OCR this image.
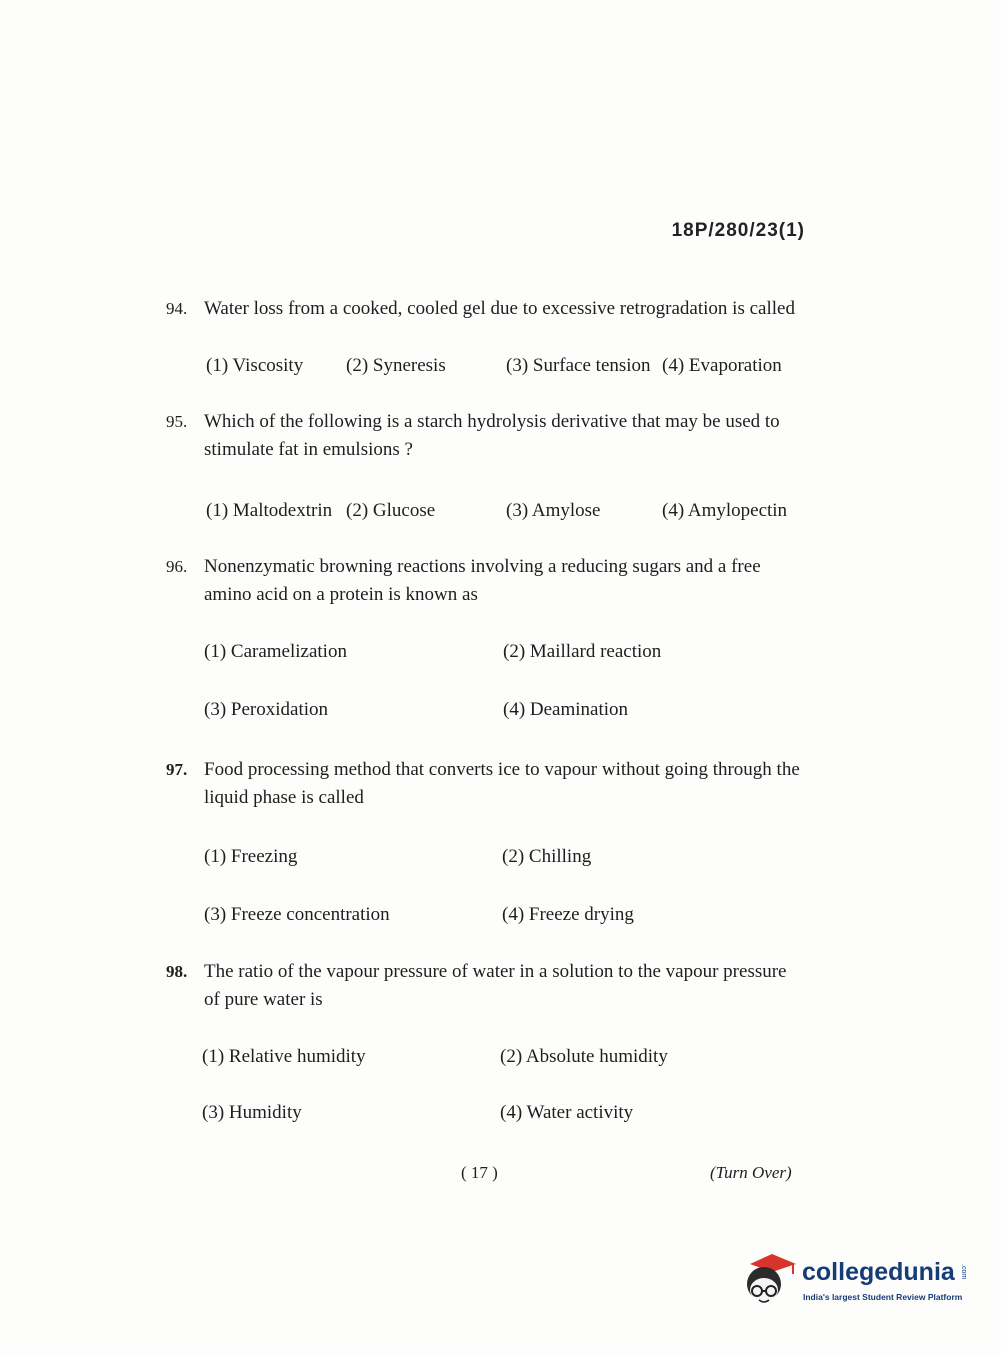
18P/280/23(1)
94. Water loss from a cooked, cooled gel due to excessive retrogradation is called
(1) Viscosity (2) Syneresis	(3) Surface tension (4) Evaporation
95. Which of the following is a starch hydrolysis derivative that may be used to stimulate fat in emulsions ?
(1) Maltodextrin (2) Glucose	(3) Amylose	(4) Amylopectin
96. Nonenzymatic browning reactions involving a reducing sugars and a free amino acid on a protein is known as
(1) Caramelization	(2) Maillard reaction
(3) Peroxidation	(4) Deamination
97. Food processing method that converts ice to vapour without going through the liquid phase is called
(1) Freezing	(2) Chilling
(3) Freeze concentration	(4) Freeze drying
98. The ratio of the vapour pressure of water in a solution to the vapour pressure of pure water is
(1) Relative humidity	(2) Absolute humidity
(3) Humidity	(4) Water activity
( 17 )	(Turn Over)
collegedunia .com
India's largest Student Review Platform
